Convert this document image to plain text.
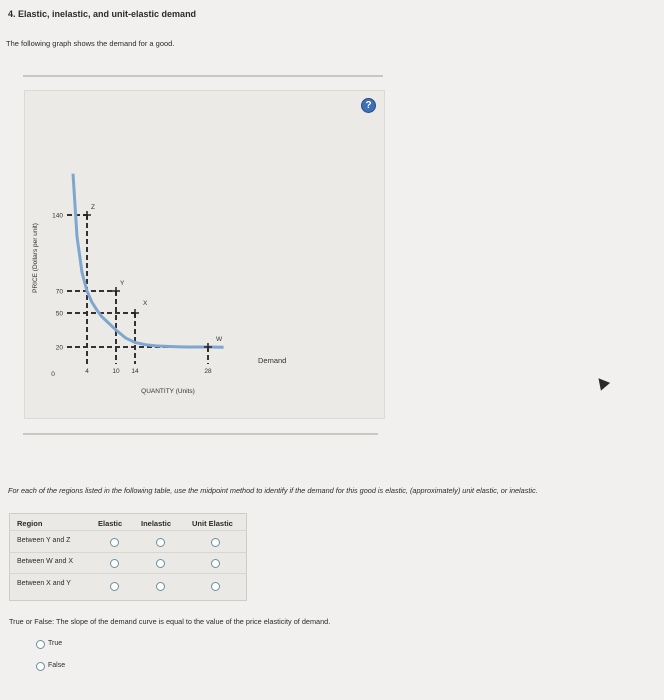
4. Elastic, inelastic, and unit-elastic demand
The following graph shows the demand for a good.
?
140
70
50
20
0	4	10 14	28
QUANTITY (Units)
PRICE (Dollars per unit)
Demand
Z
Y
X
W
For each of the regions listed in the following table, use the midpoint method to identify if the demand for this good is elastic, (approximately) unit elastic, or inelastic.
Region	Elastic	Inelastic	Unit Elastic
Between Y and Z
Between W and X
Between X and Y
True or False: The slope of the demand curve is equal to the value of the price elasticity of demand.
True
False
